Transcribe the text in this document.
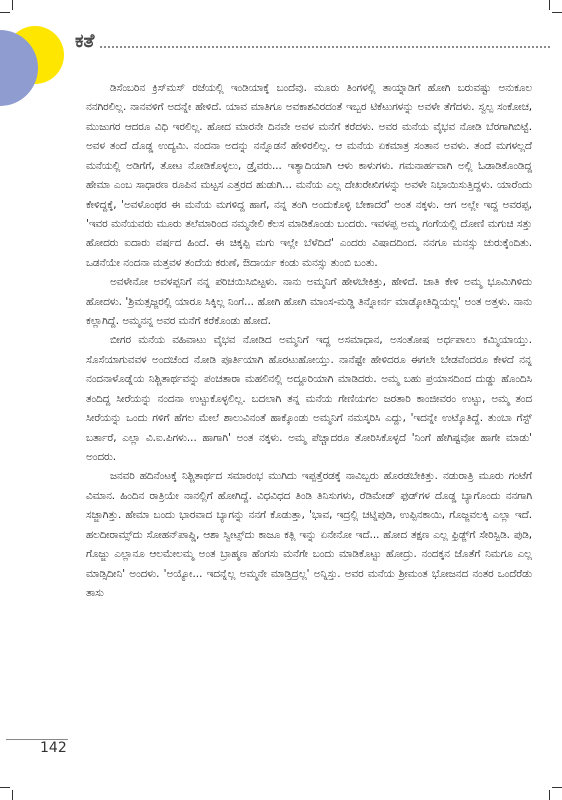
ಕತೆ

ಡಿಸೆಂಬರಿನ ಕ್ರಿಸ್‌ಮಸ್ ರಜೆಯಲ್ಲಿ ಇಂಡಿಯಾಕ್ಕೆ ಬಂದೆವು. ಮೂರು ತಿಂಗಳಲ್ಲಿ ತಾಯ್ನಾಡಿಗೆ ಹೋಗಿ ಬರುವಷ್ಟು ಅನುಕೂಲ ನನಗಿರಲಿಲ್ಲ. ನಾನವಳಿಗೆ ಅದನ್ನೇ ಹೇಳಿದೆ. ಯಾವ ಮಾತಿಗೂ ಅವಕಾಶವಿರದಂತೆ ಇಬ್ಬರ ಟಿಕೆಟುಗಳನ್ನು ಅವಳೇ ತೆಗೆದಳು. ಸ್ವಲ್ಪ ಸಂಕೋಚ, ಮುಜುಗರ ಆದರೂ ವಿಧಿ ಇರಲಿಲ್ಲ. ಹೋದ ಮಾರನೇ ದಿನವೇ ಅವಳ ಮನೆಗೆ ಕರೆದಳು. ಅವರ ಮನೆಯ ವೈಭವ ನೋಡಿ ಬೆರಗಾಗಿಬಿಟ್ಟೆ. ಅವಳ ತಂದೆ ದೊಡ್ಡ ಉದ್ಯಮಿ. ನಂದನಾ ಅದನ್ನು ನನ್ನೊಡನೆ ಹೇಳಿರಲಿಲ್ಲ. ಆ ಮನೆಯ ಏಕಮಾತ್ರ ಸಂತಾನ ಅವಳು. ತಂದೆ ಮಗಳಲ್ಲದೆ ಮನೆಯಲ್ಲಿ ಅಡಿಗೆಗೆ, ತೋಟ ನೋಡಿಕೊಳ್ಳಲು, ಡ್ರೈವರು... ಇತ್ಯಾದಿಯಾಗಿ ಆಳು ಕಾಳುಗಳು. ಗಮನಾರ್ಹವಾಗಿ ಅಲ್ಲಿ ಓಡಾಡಿಕೊಂಡಿದ್ದ ಹೇಮಾ ಎಂಬ ಸಾಧಾರಣ ರೂಪಿನ ಮಟ್ಟಸ ಎತ್ತರದ ಹುಡುಗಿ... ಮನೆಯ ಎಲ್ಲ ದೇಖರೇಖಿಗಳನ್ನು ಅವಳೇ ನಿಭಾಯಿಸುತ್ತಿದ್ದಳು. ಯಾರೆಂದು ಕೇಳಿದ್ದಕ್ಕೆ, 'ಅವಳೊಂಥರ ಈ ಮನೆಯ ಮಗಳಿದ್ದ ಹಾಗೆ, ನನ್ನ ತಂಗಿ ಅಂದುಕೊಳ್ಳಿ ಬೇಕಾದರೆ' ಅಂತ ನಕ್ಕಳು. ಆಗ ಅಲ್ಲೇ ಇದ್ದ ಅವರಪ್ಪ, 'ಇವರ ಮನೆಯವರು ಮೂರು ತಲೆಮಾರಿಂದ ನಮ್ಮನೇಲಿ ಕೆಲಸ ಮಾಡಿಕೊಂಡು ಬಂದರು. ಇವಳಪ್ಪ ಅಮ್ಮ ಗಂಗೆಯಲ್ಲಿ ದೋಣಿ ಮಗುಚಿ ಸತ್ತು ಹೋದರು ಐದಾರು ವರ್ಷದ ಹಿಂದೆ. ಈ ಚಿಕ್ಕಪ್ಪಿ ಮಗು ಇಲ್ಲೇ ಬೆಳೆದಿದೆ' ಎಂದರು ವಿಷಾದದಿಂದ. ನನಗೂ ಮನಸ್ಸು ಚುರುಕ್ಕೆಂದಿತು. ಒಡನೆಯೇ ನಂದನಾ ಮತ್ತವಳ ತಂದೆಯ ಕರುಣೆ, ಔದಾರ್ಯ ಕಂಡು ಮನಸ್ಸು ತುಂಬಿ ಬಂತು.

ಅವಳೇನೋ ಅವಳಪ್ಪನಿಗೆ ನನ್ನ ಪರಿಚಯಿಸಿಬಿಟ್ಟಳು. ನಾನು ಅಮ್ಮನಿಗೆ ಹೇಳಬೇಕಿತ್ತು, ಹೇಳಿದೆ. ಜಾತಿ ಕೇಳಿ ಅಮ್ಮ ಭೂಮಿಗಿಳಿದು ಹೋದಳು. 'ಶ್ರಿಮತ್ಸಜ್ಜರಲ್ಲಿ ಯಾರೂ ಸಿಕ್ಕಿಲ್ಲ ನಿಂಗೆ... ಹೋಗಿ ಹೋಗಿ ಮಾಂಸ-ಮಡ್ಡಿ ತಿನ್ನೋರ್ನ ಮಾಡ್ಕೋತಿದ್ದಿಯಲ್ಲ' ಅಂತ ಅತ್ತಳು. ನಾನು ಕಲ್ಲಾಗಿದ್ದೆ. ಅಮ್ಮನನ್ನ ಅವರ ಮನೆಗೆ ಕರೆಕೊಂಡು ಹೋದೆ.

ಬೀಗರ ಮನೆಯ ವಹಿವಾಟು ವೈಭವ ನೋಡಿದ ಅಮ್ಮನಿಗೆ ಇದ್ದ ಅಸಮಾಧಾನ, ಅಸಂತೋಷ ಅರ್ಧಪಾಲು ಕಮ್ಮಿಯಾಯ್ತು. ಸೊಸೆಯಾಗುವವಳ ಅಂದಚೆಂದ ನೋಡಿ ಪೂರ್ತಿಯಾಗಿ ಹೊರಟುಹೋಯ್ತು. ನಾನೆಷ್ಟೇ ಹೇಳಿದರೂ ಈಗಲೇ ಬೇಡವೆಂದರೂ ಕೇಳದೆ ನನ್ನ ನಂದನಾಳೊಡ್ನೆಯ ನಿಶ್ಚಿತಾರ್ಥವನ್ನು ಪಂಚತಾರಾ ಮಹಲಿನಲ್ಲಿ ಅದ್ದೂರಿಯಾಗಿ ಮಾಡಿದರು. ಅಮ್ಮ ಬಹು ಪ್ರಯಾಸದಿಂದ ದುಡ್ಡು ಹೊಂದಿಸಿ ತಂದಿದ್ದ ಸೀರೆಯನ್ನು ನಂದನಾ ಉಟ್ಟುಕೊಳ್ಳಲಿಲ್ಲ. ಬದಲಾಗಿ ತನ್ನ ಮನೆಯ ಗೇಣಿಯಗಲ ಜರತಾರಿ ಕಾಂಜೀವರಂ ಉಟ್ಟು, ಅಮ್ಮ ತಂದ ಸೀರೆಯನ್ನು ಒಂದು ಗಳಿಗೆ ಹೆಗಲ ಮೇಲೆ ಶಾಲುವಿನಂತೆ ಹಾಕ್ಕೊಂಡು ಅಮ್ಮನಿಗೆ ನಮಸ್ಕರಿಸಿ ಎದ್ದು, 'ಇದನ್ನೇ ಉಟ್ಕೊತಿದ್ದೆ. ತುಂಬಾ ಗೆಸ್ಟ್ ಬರ್ತಾರೆ, ಎಲ್ಲಾ ವಿ.ಐ.ಪಿಗಳು... ಹಾಗಾಗಿ' ಅಂತ ನಕ್ಕಳು. ಅಮ್ಮ ಪೆಚ್ಚಾದರೂ ತೋರಿಸಿಕೊಳ್ಳದೆ 'ನಿಂಗೆ ಹೇಗಿಷ್ಟವೋ ಹಾಗೇ ಮಾಡು' ಅಂದರು.

ಜನವರಿ ಹದಿನೆಂಟಕ್ಕೆ ನಿಶ್ಚಿತಾರ್ಥದ ಸಮಾರಂಭ ಮುಗಿದು ಇಪ್ಪತ್ತೆರಡಕ್ಕೆ ನಾವಿಬ್ಬರು ಹೊರಡಬೇಕಿತ್ತು. ನಡುರಾತ್ರಿ ಮೂರು ಗಂಟೆಗೆ ವಿಮಾನ. ಹಿಂದಿನ ರಾತ್ರಿಯೇ ನಾನಲ್ಲಿಗೆ ಹೋಗಿದ್ದೆ. ವಿಧವಿಧದ ತಿಂಡಿ ತಿನಿಸುಗಳು, ರೆಡಿಮೇಡ್ ಫುಡ್‌ಗಳ ದೊಡ್ಡ ಬ್ಯಾಗೊಂದು ನನಗಾಗಿ ಸಜ್ಜಾಗಿತ್ತು. ಹೇಮಾ ಬಂದು ಭಾರವಾದ ಬ್ಯಾಗನ್ನು ನನಗೆ ಕೊಡುತ್ತಾ, 'ಭಾವ, ಇದ್ರಲ್ಲಿ ಚಟ್ನಿಪುಡಿ, ಉಪ್ಪಿನಕಾಯಿ, ಗೊಜ್ಜವಲಕ್ಕಿ ಎಲ್ಲಾ ಇದೆ. ಹಲದೀರಾಮ್ಸ್‌ದು ಸೋಹನ್‌ಪಾಪ್ಡಿ, ಆಶಾ ಸ್ವೀಟ್ಸ್‌ದು ಕಾಜೂ ಕತ್ಲಿ ಇನ್ನು ಏನೇನೋ ಇದೆ... ಹೋದ ತಕ್ಷಣ ಎಲ್ಲ ಫ್ರಿಡ್ಜ್‌ಗೆ ಸೇರಿಸ್ಬಿಡಿ. ಪುಡಿ, ಗೊಜ್ಜು ಎಲ್ಲಾನೂ ಆಲಮೇಲಮ್ಮ ಅಂತ ಬ್ರಾಹ್ಮಣ ಹೆಂಗಸು ಮನೆಗೇ ಬಂದು ಮಾಡಿಕೊಟ್ಟು ಹೋದ್ರು. ನಂದಕ್ಕನ ಜೊತೆಗೆ ನಿಮಗೂ ಎಲ್ಲ ಮಾಡ್ಸಿದೀನಿ' ಅಂದಳು. 'ಅಯ್ಯೋ... ಇದನ್ನೆಲ್ಲ ಅಮ್ಮನೇ ಮಾಡ್ತಿದ್ರಲ್ಲ' ಅನ್ನಿಸ್ತು. ಅವರ ಮನೆಯ ಶ್ರೀಮಂತ ಭೋಜನದ ನಂತರ ಒಂದೆರೆಡು ತಾಸು

142
